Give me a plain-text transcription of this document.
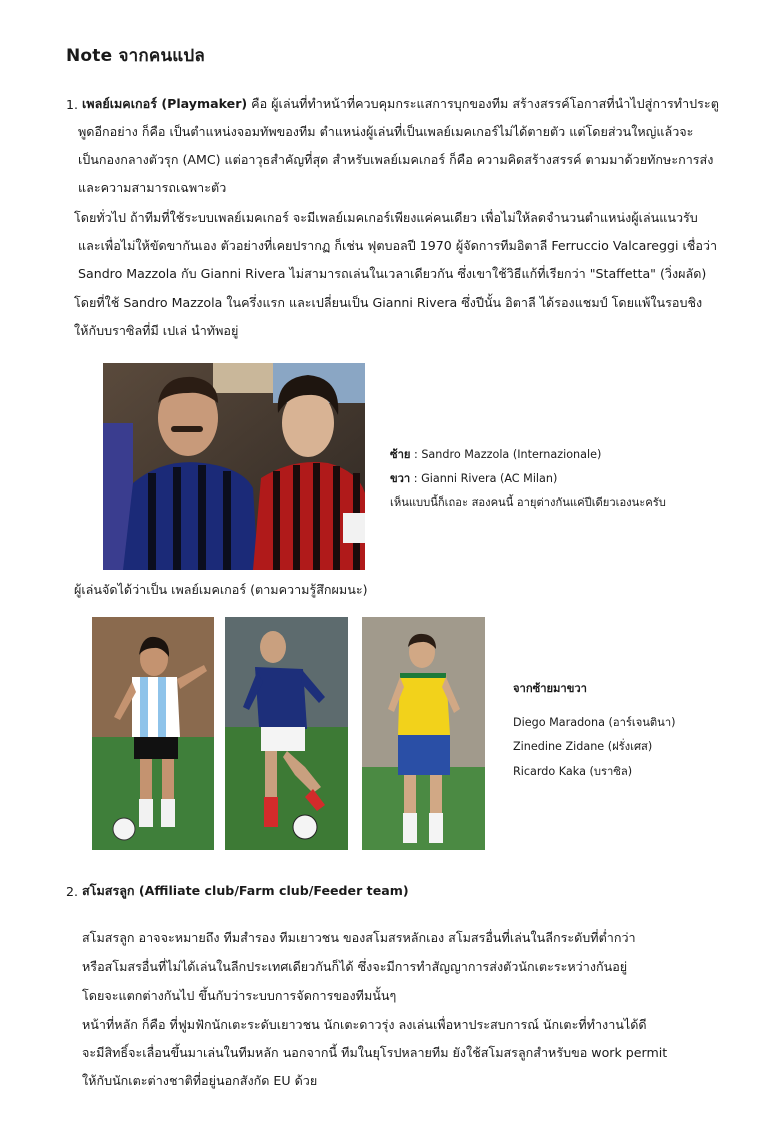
Note จากคนแปล
1. เพลย์เมคเกอร์ (Playmaker) คือ ผู้เล่นที่ทำหน้าที่ควบคุมกระแสการบุกของทีม สร้างสรรค์โอกาสที่นำไปสู่การทำประตู
พูดอีกอย่าง ก็คือ เป็นตำแหน่งจอมทัพของทีม ตำแหน่งผู้เล่นที่เป็นเพลย์เมคเกอร์ไม่ได้ตายตัว แต่โดยส่วนใหญ่แล้วจะ
เป็นกองกลางตัวรุก (AMC) แต่อาวุธสำคัญที่สุด สำหรับเพลย์เมคเกอร์ ก็คือ ความคิดสร้างสรรค์ ตามมาด้วยทักษะการส่ง
และความสามารถเฉพาะตัว
โดยทั่วไป ถ้าทีมที่ใช้ระบบเพลย์เมคเกอร์ จะมีเพลย์เมคเกอร์เพียงแค่คนเดียว เพื่อไม่ให้ลดจำนวนตำแหน่งผู้เล่นแนวรับ
และเพื่อไม่ให้ขัดขากันเอง ตัวอย่างที่เคยปรากฏ ก็เช่น ฟุตบอลปี 1970 ผู้จัดการทีมอิตาลี Ferruccio Valcareggi เชื่อว่า
Sandro Mazzola กับ Gianni Rivera ไม่สามารถเล่นในเวลาเดียวกัน ซึ่งเขาใช้วิธีแก้ที่เรียกว่า "Staffetta" (วิ่งผลัด)
โดยที่ใช้ Sandro Mazzola ในครึ่งแรก และเปลี่ยนเป็น Gianni Rivera ซึ่งปีนั้น อิตาลี ได้รองแชมป์ โดยแพ้ในรอบชิง
ให้กับบราซิลที่มี เปเล่ นำทัพอยู่
ซ้าย : Sandro Mazzola (Internazionale)
ขวา : Gianni Rivera (AC Milan)
เห็นแบบนี้ก็เถอะ สองคนนี้ อายุต่างกันแค่ปีเดียวเองนะครับ
ผู้เล่นจัดได้ว่าเป็น เพลย์เมคเกอร์ (ตามความรู้สึกผมนะ)
จากซ้ายมาขวา
Diego Maradona (อาร์เจนตินา)
Zinedine Zidane (ฝรั่งเศส)
Ricardo Kaka (บราซิล)
2. สโมสรลูก (Affiliate club/Farm club/Feeder team)
สโมสรลูก อาจจะหมายถึง ทีมสำรอง ทีมเยาวชน ของสโมสรหลักเอง สโมสรอื่นที่เล่นในลีกระดับที่ต่ำกว่า
หรือสโมสรอื่นที่ไม่ได้เล่นในลีกประเทศเดียวกันก็ได้ ซึ่งจะมีการทำสัญญาการส่งตัวนักเตะระหว่างกันอยู่
โดยจะแตกต่างกันไป ขึ้นกับว่าระบบการจัดการของทีมนั้นๆ
หน้าที่หลัก ก็คือ ที่ฟูมฟักนักเตะระดับเยาวชน นักเตะดาวรุ่ง ลงเล่นเพื่อหาประสบการณ์ นักเตะที่ทำงานได้ดี
จะมีสิทธิ์จะเลื่อนขึ้นมาเล่นในทีมหลัก นอกจากนี้ ทีมในยุโรปหลายทีม ยังใช้สโมสรลูกสำหรับขอ work permit
ให้กับนักเตะต่างชาติที่อยู่นอกสังกัด EU ด้วย
